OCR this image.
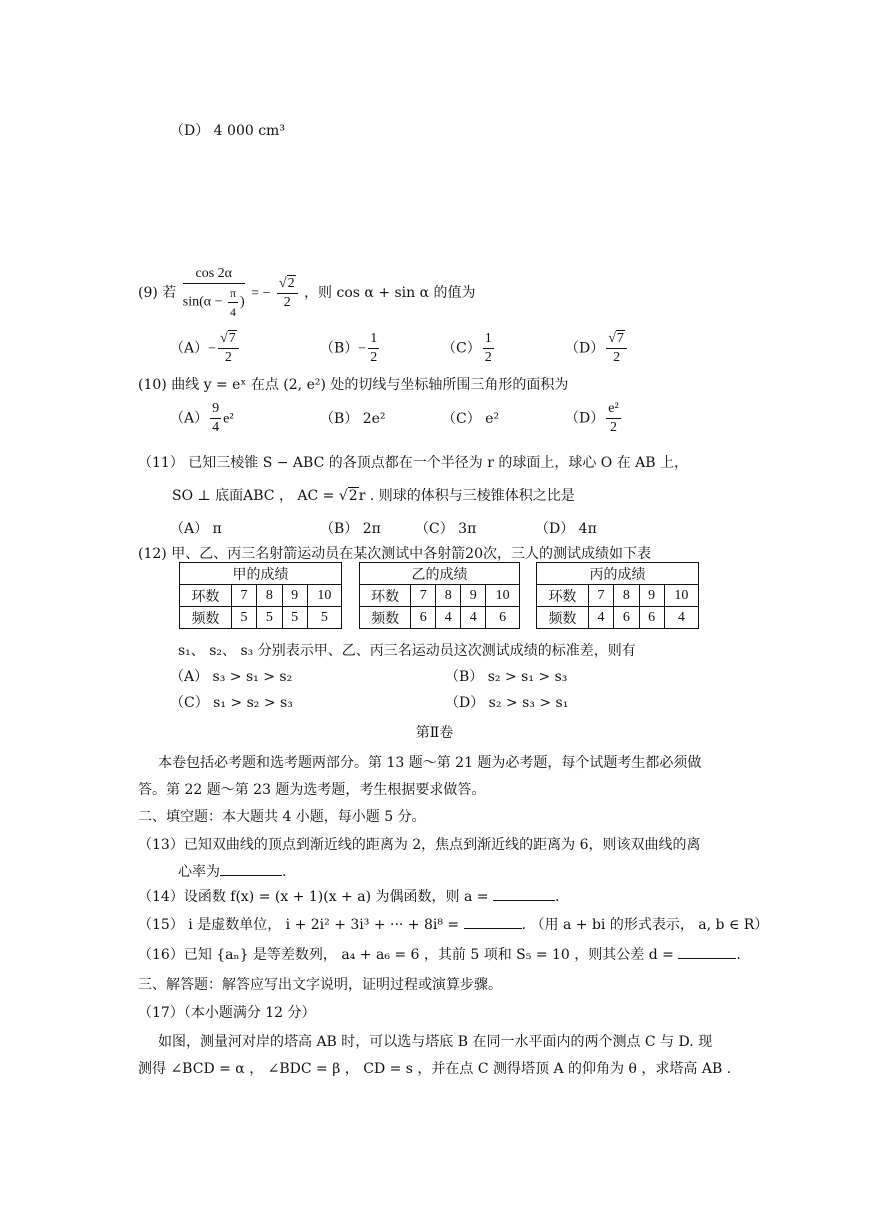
（D） 4 000 cm³
(9) 若 $\frac{\cos 2\alpha}{\sin(\alpha - \frac{\pi}{4} )}$ = − $\frac{√2}{2}$ ，则 cos α + sin α 的值为
$(A)- \frac{√7}{2}$	$(B)- \frac{1}{2}$	$(C) \frac{1}{2}$	$(D) \frac{√7}{2}$
(10) 曲线 y = eˣ 在点 (2, e²) 处的切线与坐标轴所围三角形的面积为
$(A) \frac{9}{4} e^2$	（B） 2e²	（C） e²	$(D) \frac{\text{e²}}{2}$
（11） 已知三棱锥 S − ABC 的各顶点都在一个半径为 r 的球面上，球心 O 在 AB 上，
SO ⊥ 底面ABC ， AC = √2r . 则球的体积与三棱锥体积之比是
（A） π	（B） 2π （C） 3π	（D） 4π
(12) 甲、乙、丙三名射箭运动员在某次测试中各射箭20次，三人的测试成绩如下表
甲的成绩				
环数	7	8	9	10
频数	5	5	5	5
乙的成绩				
环数	7	8	9	10
频数	6	4	4	6
丙的成绩				
环数	7	8	9	10
频数	4	6	6	4
s₁、 s₂、 s₃ 分别表示甲、乙、丙三名运动员这次测试成绩的标准差，则有
（A） s₃ > s₁ > s₂	（B） s₂ > s₁ > s₃
（C） s₁ > s₂ > s₃	（D） s₂ > s₃ > s₁
第Ⅱ卷
本卷包括必考题和选考题两部分。第 13 题～第 21 题为必考题，每个试题考生都必须做
答。第 22 题～第 23 题为选考题，考生根据要求做答。
二、填空题：本大题共 4 小题，每小题 5 分。
（13）已知双曲线的顶点到渐近线的距离为 2，焦点到渐近线的距离为 6，则该双曲线的离
心率为	.
（14）设函数 f(x) = (x + 1)(x + a) 为偶函数，则 a =	.
（15） i 是虚数单位， i + 2i² + 3i³ + ··· + 8i⁸ =	. （用 a + bi 的形式表示， a, b ∈ R）
（16）已知 {aₙ} 是等差数列， a₄ + a₆ = 6 ，其前 5 项和 S₅ = 10 ，则其公差 d =	.
三、解答题：解答应写出文字说明，证明过程或演算步骤。
（17）（本小题满分 12 分）
如图，测量河对岸的塔高 AB 时，可以选与塔底 B 在同一水平面内的两个测点 C 与 D. 现
测得 ∠BCD = α ， ∠BDC = β ， CD = s ，并在点 C 测得塔顶 A 的仰角为 θ ，求塔高 AB .
